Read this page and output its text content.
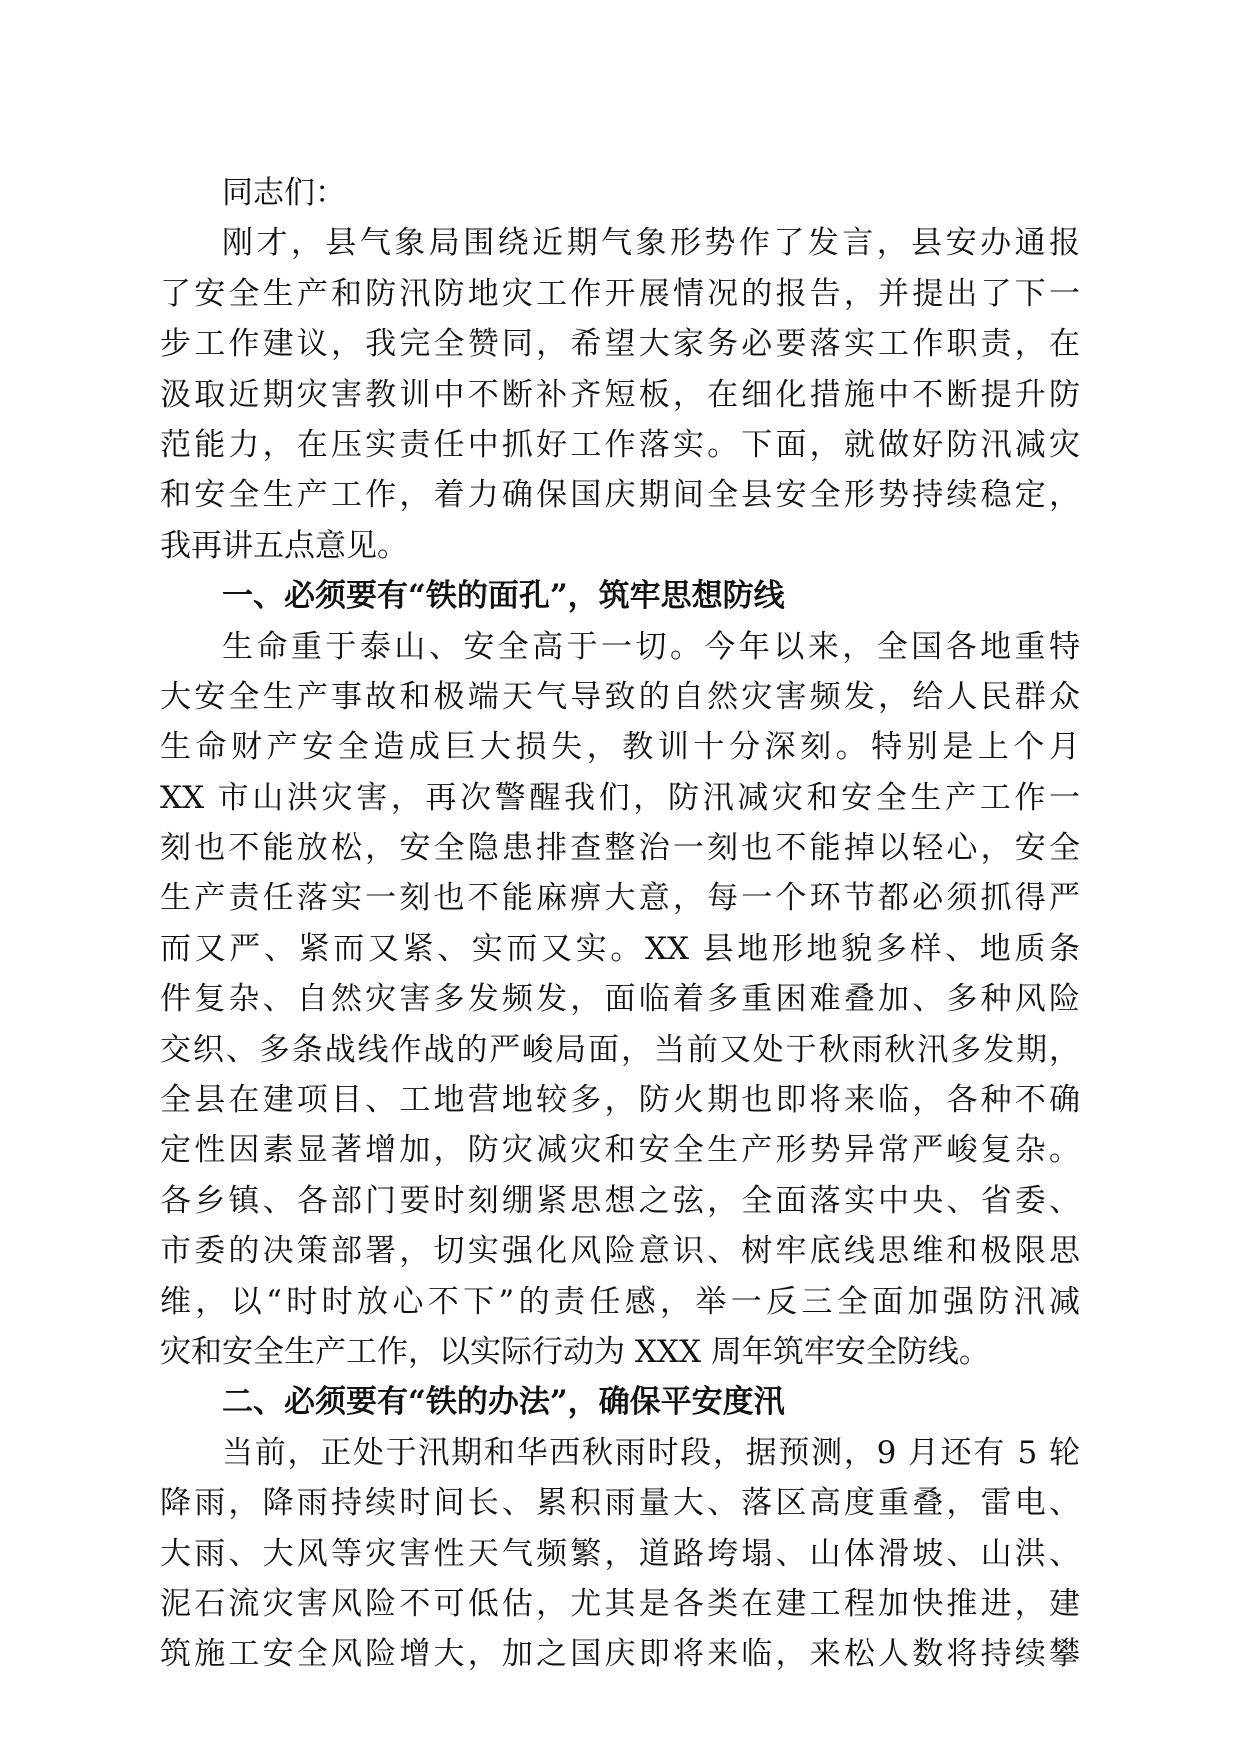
同志们：
刚才，县气象局围绕近期气象形势作了发言，县安办通报
了安全生产和防汛防地灾工作开展情况的报告，并提出了下一
步工作建议，我完全赞同，希望大家务必要落实工作职责，在
汲取近期灾害教训中不断补齐短板，在细化措施中不断提升防
范能力，在压实责任中抓好工作落实。下面，就做好防汛减灾
和安全生产工作，着力确保国庆期间全县安全形势持续稳定，
我再讲五点意见。
一、必须要有“铁的面孔”，筑牢思想防线
生命重于泰山、安全高于一切。今年以来，全国各地重特
大安全生产事故和极端天气导致的自然灾害频发，给人民群众
生命财产安全造成巨大损失，教训十分深刻。特别是上个月
XX 市山洪灾害，再次警醒我们，防汛减灾和安全生产工作一
刻也不能放松，安全隐患排查整治一刻也不能掉以轻心，安全
生产责任落实一刻也不能麻痹大意，每一个环节都必须抓得严
而又严、紧而又紧、实而又实。XX 县地形地貌多样、地质条
件复杂、自然灾害多发频发，面临着多重困难叠加、多种风险
交织、多条战线作战的严峻局面，当前又处于秋雨秋汛多发期，
全县在建项目、工地营地较多，防火期也即将来临，各种不确
定性因素显著增加，防灾减灾和安全生产形势异常严峻复杂。
各乡镇、各部门要时刻绷紧思想之弦，全面落实中央、省委、
市委的决策部署，切实强化风险意识、树牢底线思维和极限思
维，以“时时放心不下”的责任感，举一反三全面加强防汛减
灾和安全生产工作，以实际行动为 XXX 周年筑牢安全防线。
二、必须要有“铁的办法”，确保平安度汛
当前，正处于汛期和华西秋雨时段，据预测，9 月还有 5 轮
降雨，降雨持续时间长、累积雨量大、落区高度重叠，雷电、
大雨、大风等灾害性天气频繁，道路垮塌、山体滑坡、山洪、
泥石流灾害风险不可低估，尤其是各类在建工程加快推进，建
筑施工安全风险增大，加之国庆即将来临，来松人数将持续攀
